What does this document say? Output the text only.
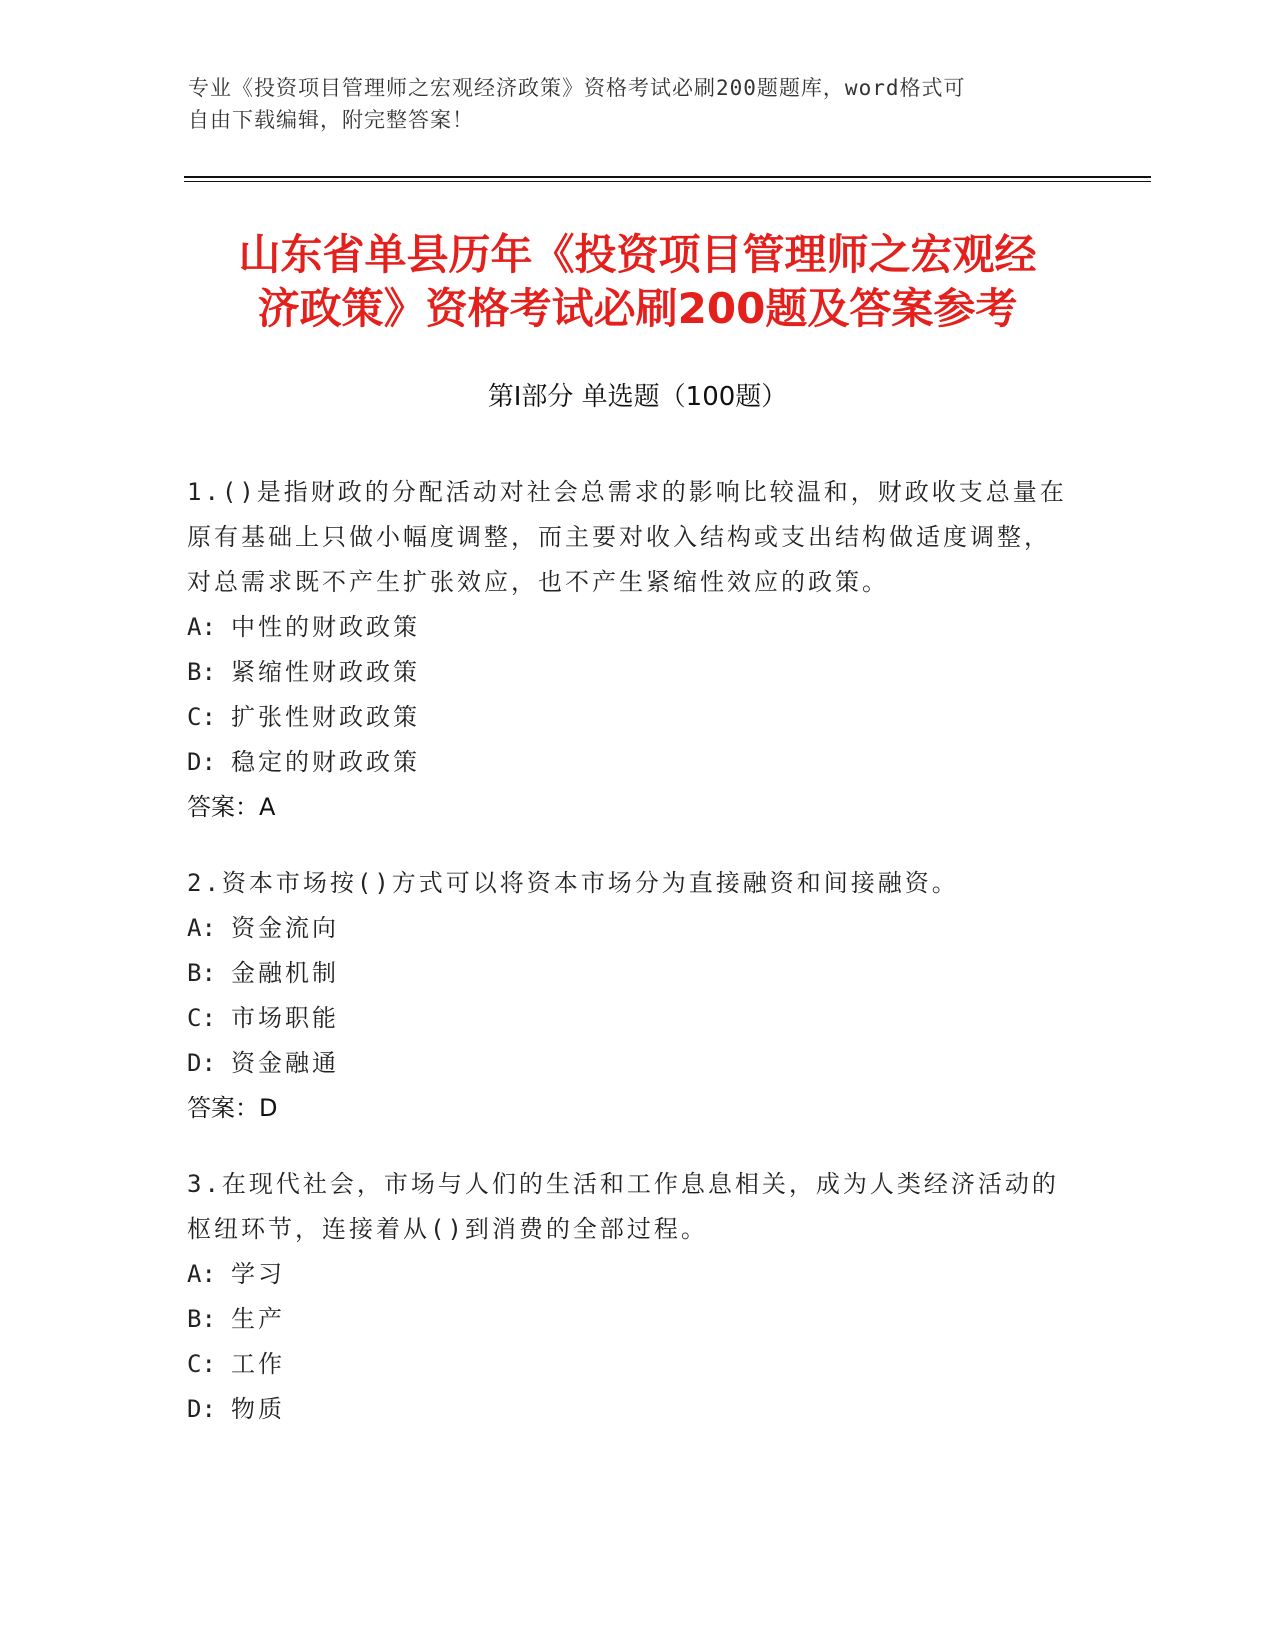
专业《投资项目管理师之宏观经济政策》资格考试必刷200题题库，word格式可
自由下载编辑，附完整答案！
山东省单县历年《投资项目管理师之宏观经
济政策》资格考试必刷200题及答案参考
第Ⅰ部分 单选题（100题）
1.()是指财政的分配活动对社会总需求的影响比较温和，财政收支总量在原有基础上只做小幅度调整，而主要对收入结构或支出结构做适度调整，对总需求既不产生扩张效应，也不产生紧缩性效应的政策。
A: 中性的财政政策
B: 紧缩性财政政策
C: 扩张性财政政策
D: 稳定的财政政策
答案：A
2.资本市场按()方式可以将资本市场分为直接融资和间接融资。
A: 资金流向
B: 金融机制
C: 市场职能
D: 资金融通
答案：D
3.在现代社会，市场与人们的生活和工作息息相关，成为人类经济活动的枢纽环节，连接着从()到消费的全部过程。
A: 学习
B: 生产
C: 工作
D: 物质
